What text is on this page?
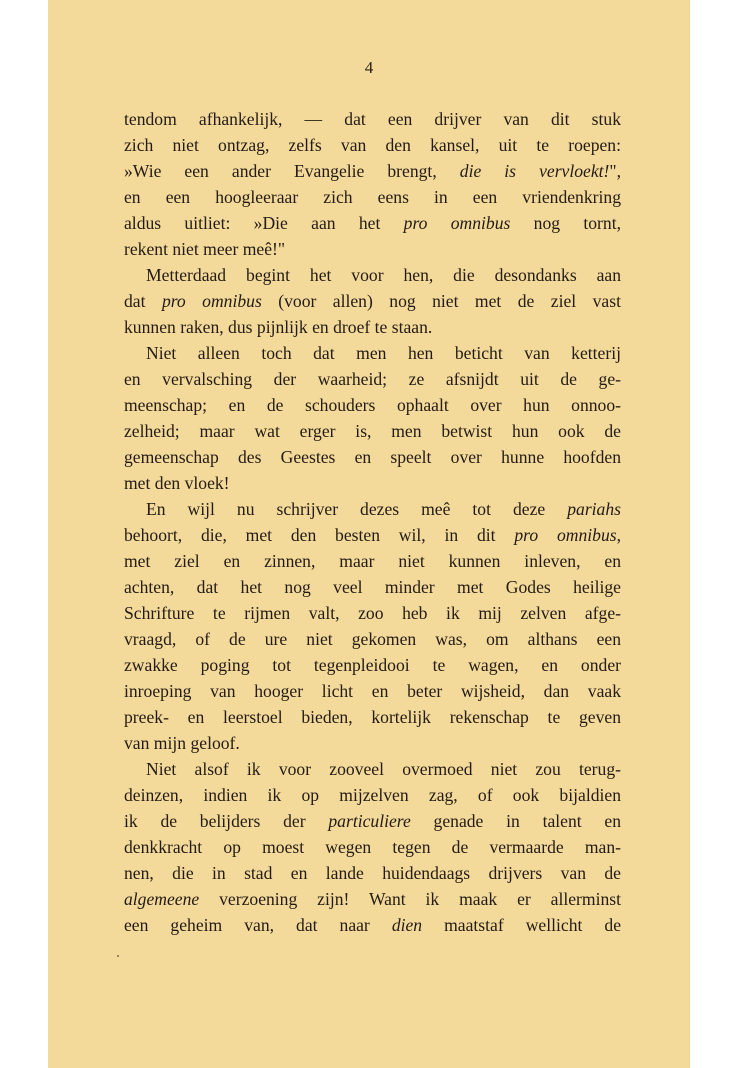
4
tendom afhankelijk, — dat een drijver van dit stuk
zich niet ontzag, zelfs van den kansel, uit te roepen:
»Wie een ander Evangelie brengt, die is vervloekt!",
en een hoogleeraar zich eens in een vriendenkring
aldus uitliet: »Die aan het pro omnibus nog tornt,
rekent niet meer meê!"
Metterdaad begint het voor hen, die desondanks aan
dat pro omnibus (voor allen) nog niet met de ziel vast
kunnen raken, dus pijnlijk en droef te staan.
Niet alleen toch dat men hen beticht van ketterij
en vervalsching der waarheid; ze afsnijdt uit de ge-
meenschap; en de schouders ophaalt over hun onnoo-
zelheid; maar wat erger is, men betwist hun ook de
gemeenschap des Geestes en speelt over hunne hoofden
met den vloek!
En wijl nu schrijver dezes meê tot deze pariahs
behoort, die, met den besten wil, in dit pro omnibus,
met ziel en zinnen, maar niet kunnen inleven, en
achten, dat het nog veel minder met Godes heilige
Schrifture te rijmen valt, zoo heb ik mij zelven afge-
vraagd, of de ure niet gekomen was, om althans een
zwakke poging tot tegenpleidooi te wagen, en onder
inroeping van hooger licht en beter wijsheid, dan vaak
preek- en leerstoel bieden, kortelijk rekenschap te geven
van mijn geloof.
Niet alsof ik voor zooveel overmoed niet zou terug-
deinzen, indien ik op mijzelven zag, of ook bijaldien
ik de belijders der particuliere genade in talent en
denkkracht op moest wegen tegen de vermaarde man-
nen, die in stad en lande huidendaags drijvers van de
algemeene verzoening zijn! Want ik maak er allerminst
een geheim van, dat naar dien maatstaf wellicht de
